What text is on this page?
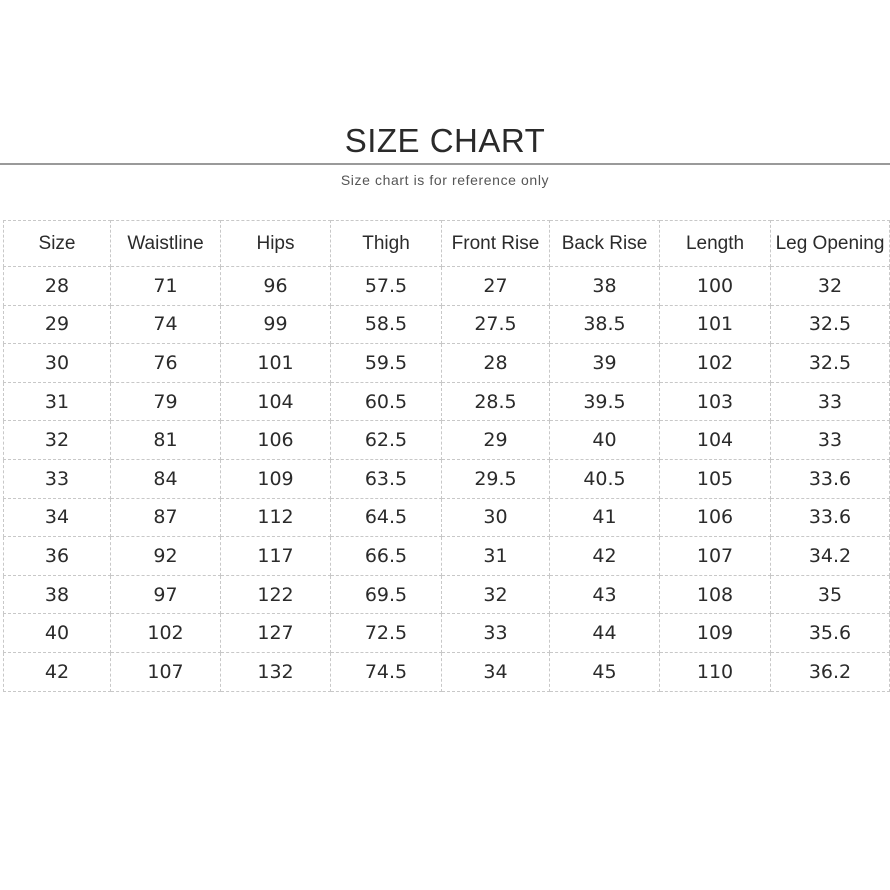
SIZE CHART
Size chart is for reference only
Size	Waistline	Hips	Thigh	Front Rise	Back Rise	Length	Leg Opening
28	71	96	57.5	27	38	100	32
29	74	99	58.5	27.5	38.5	101	32.5
30	76	101	59.5	28	39	102	32.5
31	79	104	60.5	28.5	39.5	103	33
32	81	106	62.5	29	40	104	33
33	84	109	63.5	29.5	40.5	105	33.6
34	87	112	64.5	30	41	106	33.6
36	92	117	66.5	31	42	107	34.2
38	97	122	69.5	32	43	108	35
40	102	127	72.5	33	44	109	35.6
42	107	132	74.5	34	45	110	36.2
